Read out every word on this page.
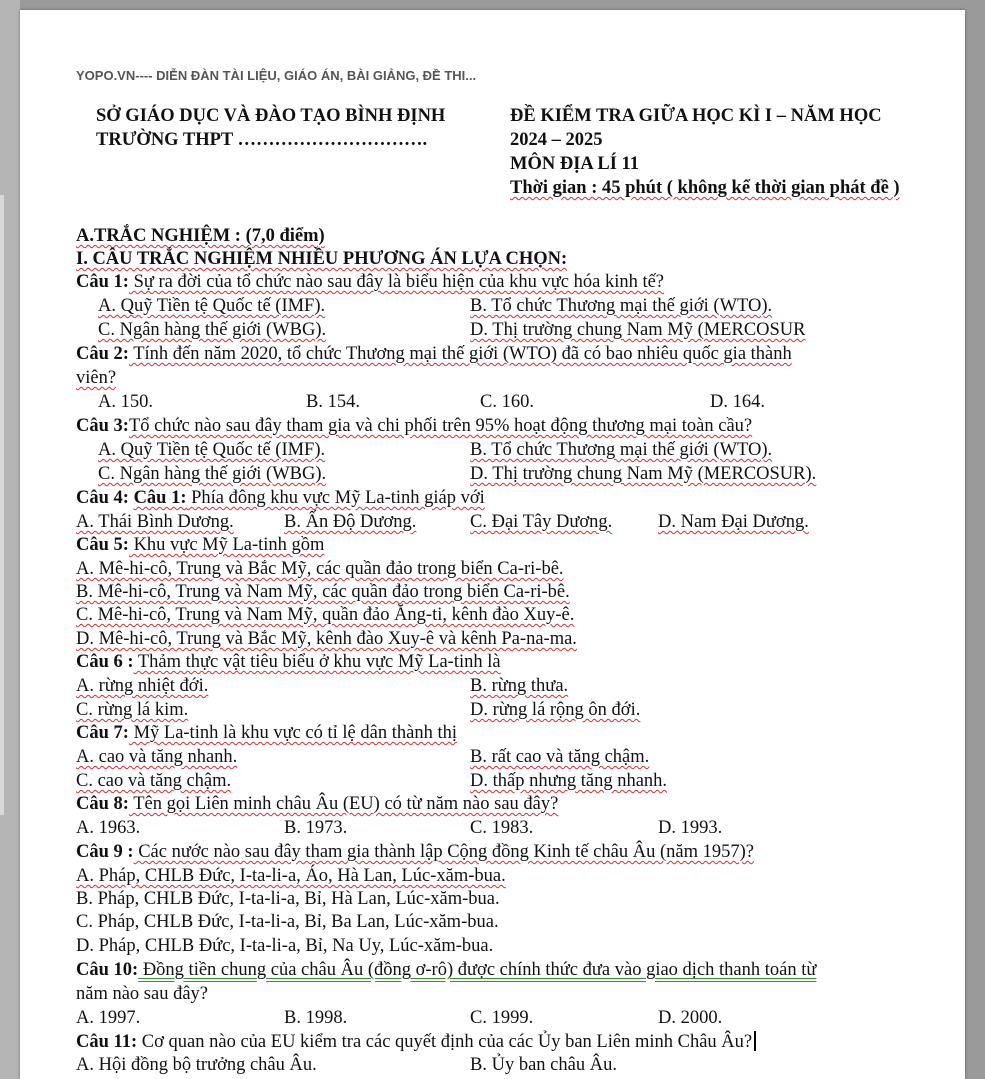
YOPO.VN---- DIỄN ĐÀN TÀI LIỆU, GIÁO ÁN, BÀI GIẢNG, ĐỀ THI...
SỞ GIÁO DỤC VÀ ĐÀO TẠO BÌNH ĐỊNH
TRƯỜNG THPT ………………………….
ĐỀ KIỂM TRA GIỮA HỌC KÌ I – NĂM HỌC
2024 – 2025
MÔN ĐỊA LÍ 11
Thời gian : 45 phút ( không kể thời gian phát đề )
A.TRẮC NGHIỆM : (7,0 điểm)
I. CÂU TRẮC NGHIỆM NHIỀU PHƯƠNG ÁN LỰA CHỌN:
Câu 1: Sự ra đời của tổ chức nào sau đây là biểu hiện của khu vực hóa kinh tế?
A. Quỹ Tiền tệ Quốc tế (IMF).	B. Tổ chức Thương mại thế giới (WTO).
C. Ngân hàng thế giới (WBG).	D. Thị trường chung Nam Mỹ (MERCOSUR
Câu 2: Tính đến năm 2020, tổ chức Thương mại thế giới (WTO) đã có bao nhiêu quốc gia thành
viên?
A. 150.	B. 154.	C. 160.	D. 164.
Câu 3:Tổ chức nào sau đây tham gia và chi phối trên 95% hoạt động thương mại toàn cầu?
A. Quỹ Tiền tệ Quốc tế (IMF).	B. Tổ chức Thương mại thế giới (WTO).
C. Ngân hàng thế giới (WBG).	D. Thị trường chung Nam Mỹ (MERCOSUR).
Câu 4: Câu 1: Phía đông khu vực Mỹ La-tinh giáp với
A. Thái Bình Dương.	B. Ấn Độ Dương.	C. Đại Tây Dương. D. Nam Đại Dương.
Câu 5: Khu vực Mỹ La-tinh gồm
A. Mê-hi-cô, Trung và Bắc Mỹ, các quần đảo trong biển Ca-ri-bê.
B. Mê-hi-cô, Trung và Nam Mỹ, các quần đảo trong biển Ca-ri-bê.
C. Mê-hi-cô, Trung và Nam Mỹ, quần đảo Ăng-ti, kênh đào Xuy-ê.
D. Mê-hi-cô, Trung và Bắc Mỹ, kênh đào Xuy-ê và kênh Pa-na-ma.
Câu 6 : Thảm thực vật tiêu biểu ở khu vực Mỹ La-tinh là
A. rừng nhiệt đới.	B. rừng thưa.
C. rừng lá kim.	D. rừng lá rộng ôn đới.
Câu 7: Mỹ La-tinh là khu vực có tỉ lệ dân thành thị
A. cao và tăng nhanh.	B. rất cao và tăng chậm.
C. cao và tăng chậm.	D. thấp nhưng tăng nhanh.
Câu 8: Tên gọi Liên minh châu Âu (EU) có từ năm nào sau đây?
A. 1963.	B. 1973.	C. 1983.	D. 1993.
Câu 9 : Các nước nào sau đây tham gia thành lập Cộng đồng Kinh tế châu Âu (năm 1957)?
A. Pháp, CHLB Đức, I-ta-li-a, Áo, Hà Lan, Lúc-xăm-bua.
B. Pháp, CHLB Đức, I-ta-li-a, Bỉ, Hà Lan, Lúc-xăm-bua.
C. Pháp, CHLB Đức, I-ta-li-a, Bỉ, Ba Lan, Lúc-xăm-bua.
D. Pháp, CHLB Đức, I-ta-li-a, Bỉ, Na Uy, Lúc-xăm-bua.
Câu 10: Đồng tiền chung của châu Âu (đồng ơ-rô) được chính thức đưa vào giao dịch thanh toán từ
năm nào sau đây?
A. 1997.	B. 1998.	C. 1999.	D. 2000.
Câu 11: Cơ quan nào của EU kiểm tra các quyết định của các Ủy ban Liên minh Châu Âu?
A. Hội đồng bộ trưởng châu Âu.	B. Ủy ban châu Âu.
